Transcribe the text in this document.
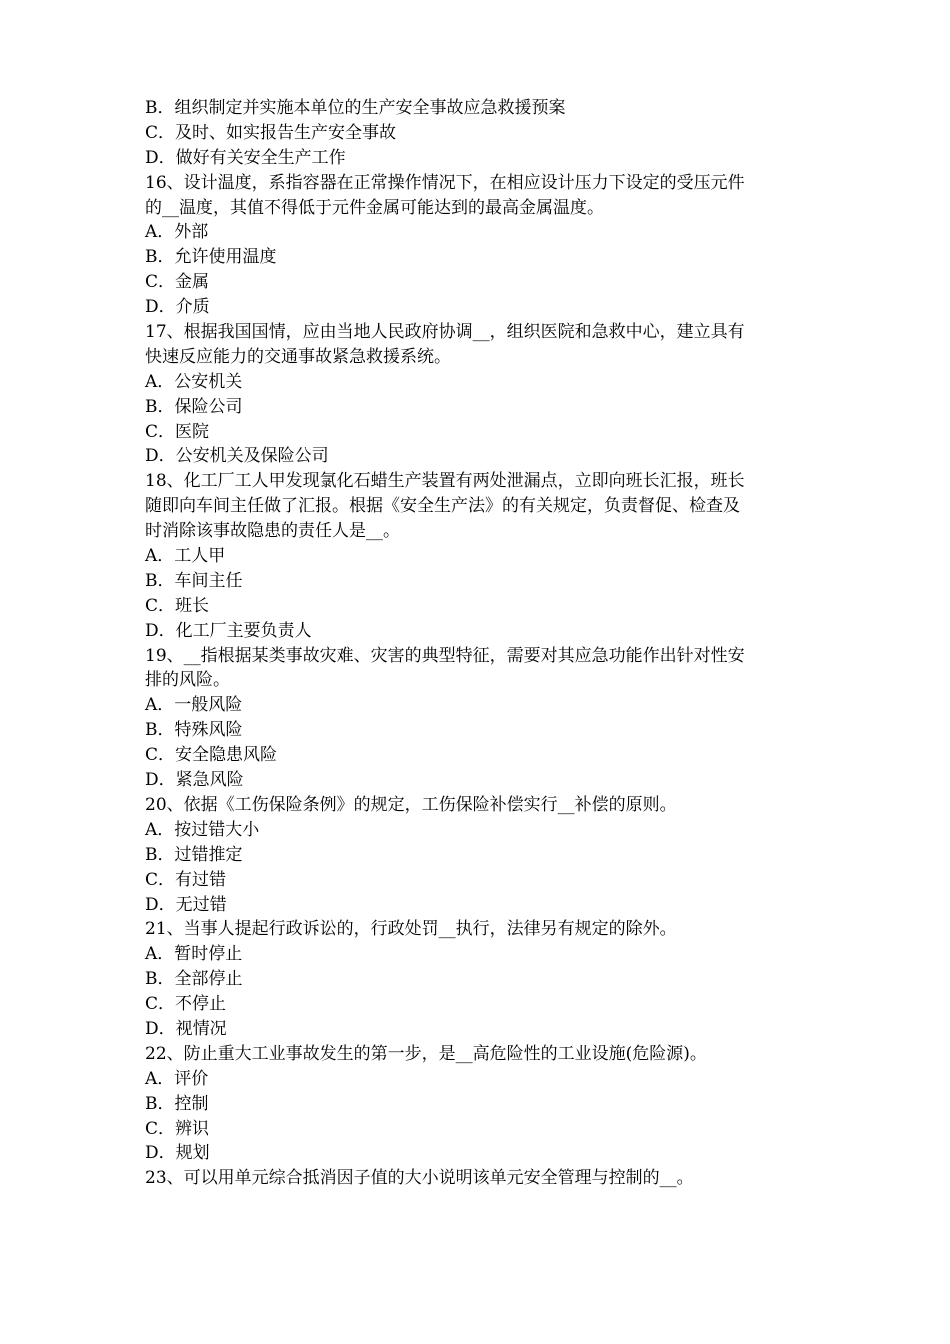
B．组织制定并实施本单位的生产安全事故应急救援预案
C．及时、如实报告生产安全事故
D．做好有关安全生产工作
16、设计温度，系指容器在正常操作情况下，在相应设计压力下设定的受压元件
的__温度，其值不得低于元件金属可能达到的最高金属温度。
A．外部
B．允许使用温度
C．金属
D．介质
17、根据我国国情，应由当地人民政府协调__，组织医院和急救中心，建立具有
快速反应能力的交通事故紧急救援系统。
A．公安机关
B．保险公司
C．医院
D．公安机关及保险公司
18、化工厂工人甲发现氯化石蜡生产装置有两处泄漏点，立即向班长汇报，班长
随即向车间主任做了汇报。根据《安全生产法》的有关规定，负责督促、检查及
时消除该事故隐患的责任人是__。
A．工人甲
B．车间主任
C．班长
D．化工厂主要负责人
19、__指根据某类事故灾难、灾害的典型特征，需要对其应急功能作出针对性安
排的风险。
A．一般风险
B．特殊风险
C．安全隐患风险
D．紧急风险
20、依据《工伤保险条例》的规定，工伤保险补偿实行__补偿的原则。
A．按过错大小
B．过错推定
C．有过错
D．无过错
21、当事人提起行政诉讼的，行政处罚__执行，法律另有规定的除外。
A．暂时停止
B．全部停止
C．不停止
D．视情况
22、防止重大工业事故发生的第一步，是__高危险性的工业设施(危险源)。
A．评价
B．控制
C．辨识
D．规划
23、可以用单元综合抵消因子值的大小说明该单元安全管理与控制的__。
